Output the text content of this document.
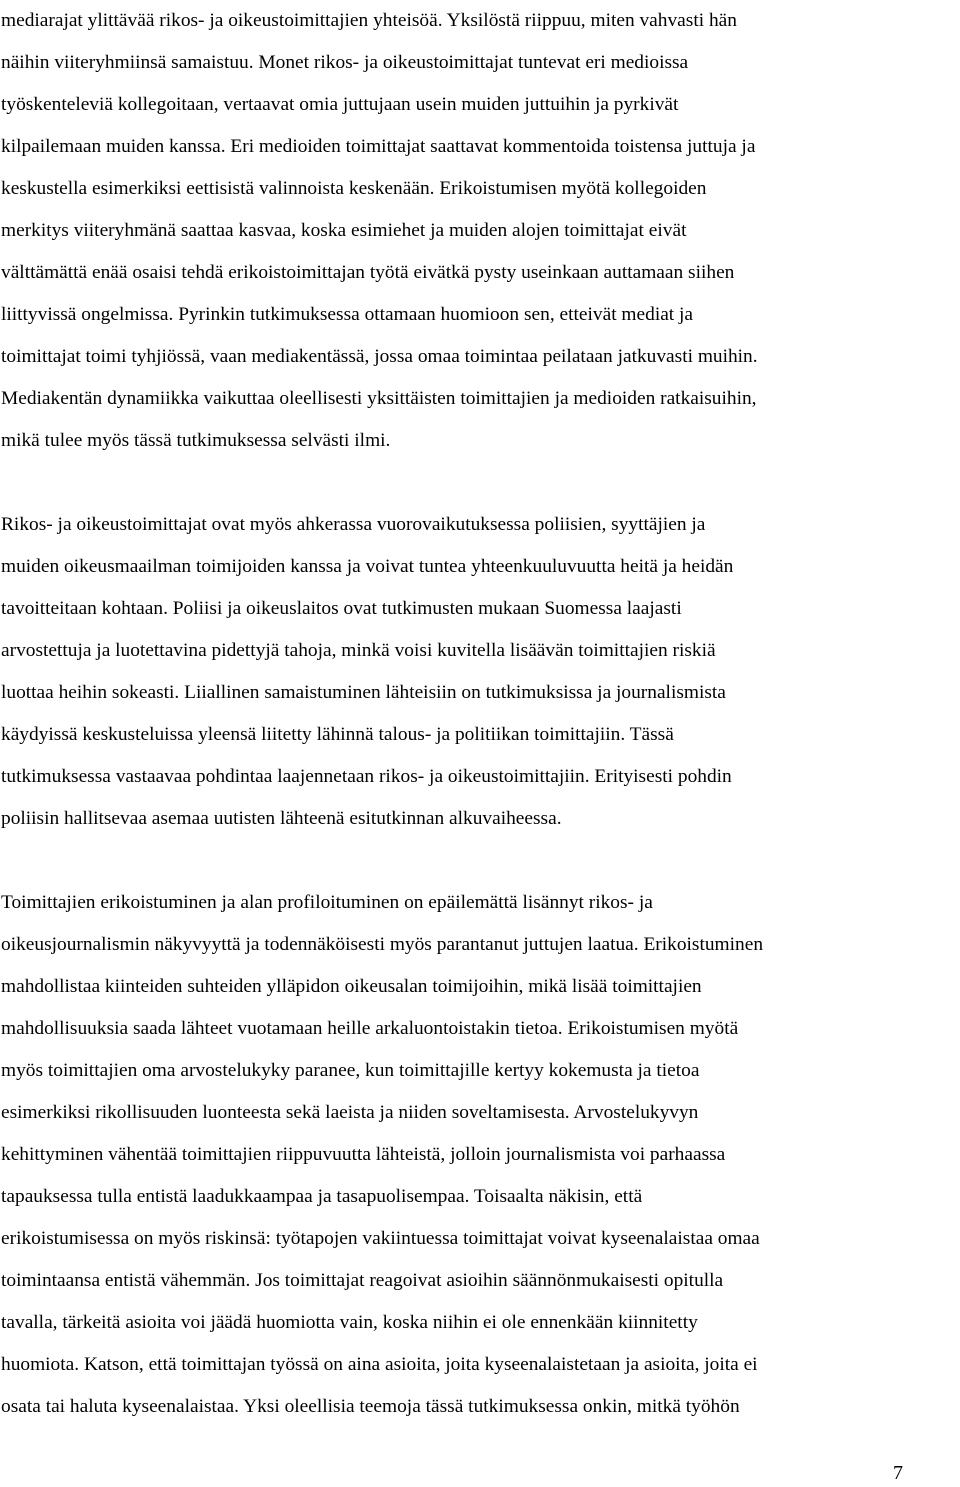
mediarajat ylittävää rikos- ja oikeustoimittajien yhteisöä. Yksilöstä riippuu, miten vahvasti hän
näihin viiteryhmiinsä samaistuu. Monet rikos- ja oikeustoimittajat tuntevat eri medioissa
työskenteleviä kollegoitaan, vertaavat omia juttujaan usein muiden juttuihin ja pyrkivät
kilpailemaan muiden kanssa. Eri medioiden toimittajat saattavat kommentoida toistensa juttuja ja
keskustella esimerkiksi eettisistä valinnoista keskenään. Erikoistumisen myötä kollegoiden
merkitys viiteryhmänä saattaa kasvaa, koska esimiehet ja muiden alojen toimittajat eivät
välttämättä enää osaisi tehdä erikoistoimittajan työtä eivätkä pysty useinkaan auttamaan siihen
liittyvissä ongelmissa. Pyrinkin tutkimuksessa ottamaan huomioon sen, etteivät mediat ja
toimittajat toimi tyhjiössä, vaan mediakentässä, jossa omaa toimintaa peilataan jatkuvasti muihin.
Mediakentän dynamiikka vaikuttaa oleellisesti yksittäisten toimittajien ja medioiden ratkaisuihin,
mikä tulee myös tässä tutkimuksessa selvästi ilmi.
Rikos- ja oikeustoimittajat ovat myös ahkerassa vuorovaikutuksessa poliisien, syyttäjien ja
muiden oikeusmaailman toimijoiden kanssa ja voivat tuntea yhteenkuuluvuutta heitä ja heidän
tavoitteitaan kohtaan. Poliisi ja oikeuslaitos ovat tutkimusten mukaan Suomessa laajasti
arvostettuja ja luotettavina pidettyjä tahoja, minkä voisi kuvitella lisäävän toimittajien riskiä
luottaa heihin sokeasti. Liiallinen samaistuminen lähteisiin on tutkimuksissa ja journalismista
käydyissä keskusteluissa yleensä liitetty lähinnä talous- ja politiikan toimittajiin. Tässä
tutkimuksessa vastaavaa pohdintaa laajennetaan rikos- ja oikeustoimittajiin. Erityisesti pohdin
poliisin hallitsevaa asemaa uutisten lähteenä esitutkinnan alkuvaiheessa.
Toimittajien erikoistuminen ja alan profiloituminen on epäilemättä lisännyt rikos- ja
oikeusjournalismin näkyvyyttä ja todennäköisesti myös parantanut juttujen laatua. Erikoistuminen
mahdollistaa kiinteiden suhteiden ylläpidon oikeusalan toimijoihin, mikä lisää toimittajien
mahdollisuuksia saada lähteet vuotamaan heille arkaluontoistakin tietoa. Erikoistumisen myötä
myös toimittajien oma arvostelukyky paranee, kun toimittajille kertyy kokemusta ja tietoa
esimerkiksi rikollisuuden luonteesta sekä laeista ja niiden soveltamisesta. Arvostelukyvyn
kehittyminen vähentää toimittajien riippuvuutta lähteistä, jolloin journalismista voi parhaassa
tapauksessa tulla entistä laadukkaampaa ja tasapuolisempaa. Toisaalta näkisin, että
erikoistumisessa on myös riskinsä: työtapojen vakiintuessa toimittajat voivat kyseenalaistaa omaa
toimintaansa entistä vähemmän. Jos toimittajat reagoivat asioihin säännönmukaisesti opitulla
tavalla, tärkeitä asioita voi jäädä huomiotta vain, koska niihin ei ole ennenkään kiinnitetty
huomiota. Katson, että toimittajan työssä on aina asioita, joita kyseenalaistetaan ja asioita, joita ei
osata tai haluta kyseenalaistaa. Yksi oleellisia teemoja tässä tutkimuksessa onkin, mitkä työhön
7
